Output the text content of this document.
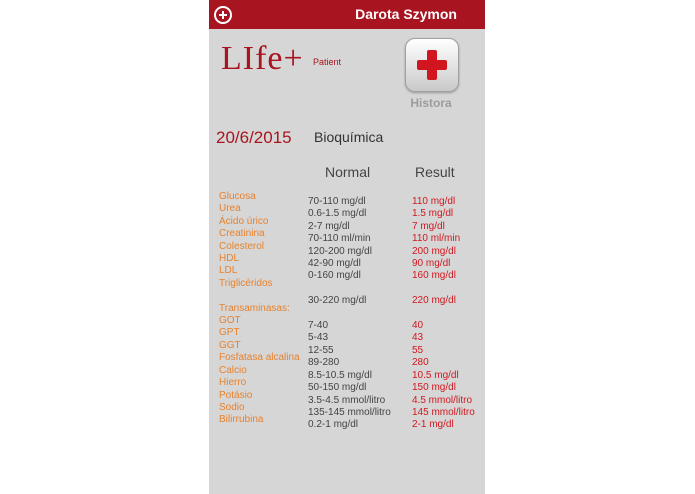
Darota Szymon
LIfe+ Patient
Histora
20/6/2015 Bioquímica
Normal	Result
Glucosa
Urea
Ácido úrico
Creatinina
Colesterol
HDL
LDL
Triglicéridos

Transaminasas:
GOT
GPT
GGT
Fosfatasa alcalina
Calcio
Hierro
Potásio
Sodio
Bilirrubina
70-110 mg/dl
0.6-1.5 mg/dl
2-7 mg/dl
70-110 ml/min
120-200 mg/dl
42-90 mg/dl
0-160 mg/dl

30-220 mg/dl

7-40
5-43
12-55
89-280
8.5-10.5 mg/dl
50-150 mg/dl
3.5-4.5 mmol/litro
135-145 mmol/litro
0.2-1 mg/dl
110 mg/dl
1.5 mg/dl
7 mg/dl
110 ml/min
200 mg/dl
90 mg/dl
160 mg/dl

220 mg/dl

40
43
55
280
10.5 mg/dl
150 mg/dl
4.5 mmol/litro
145 mmol/litro
2-1 mg/dl
